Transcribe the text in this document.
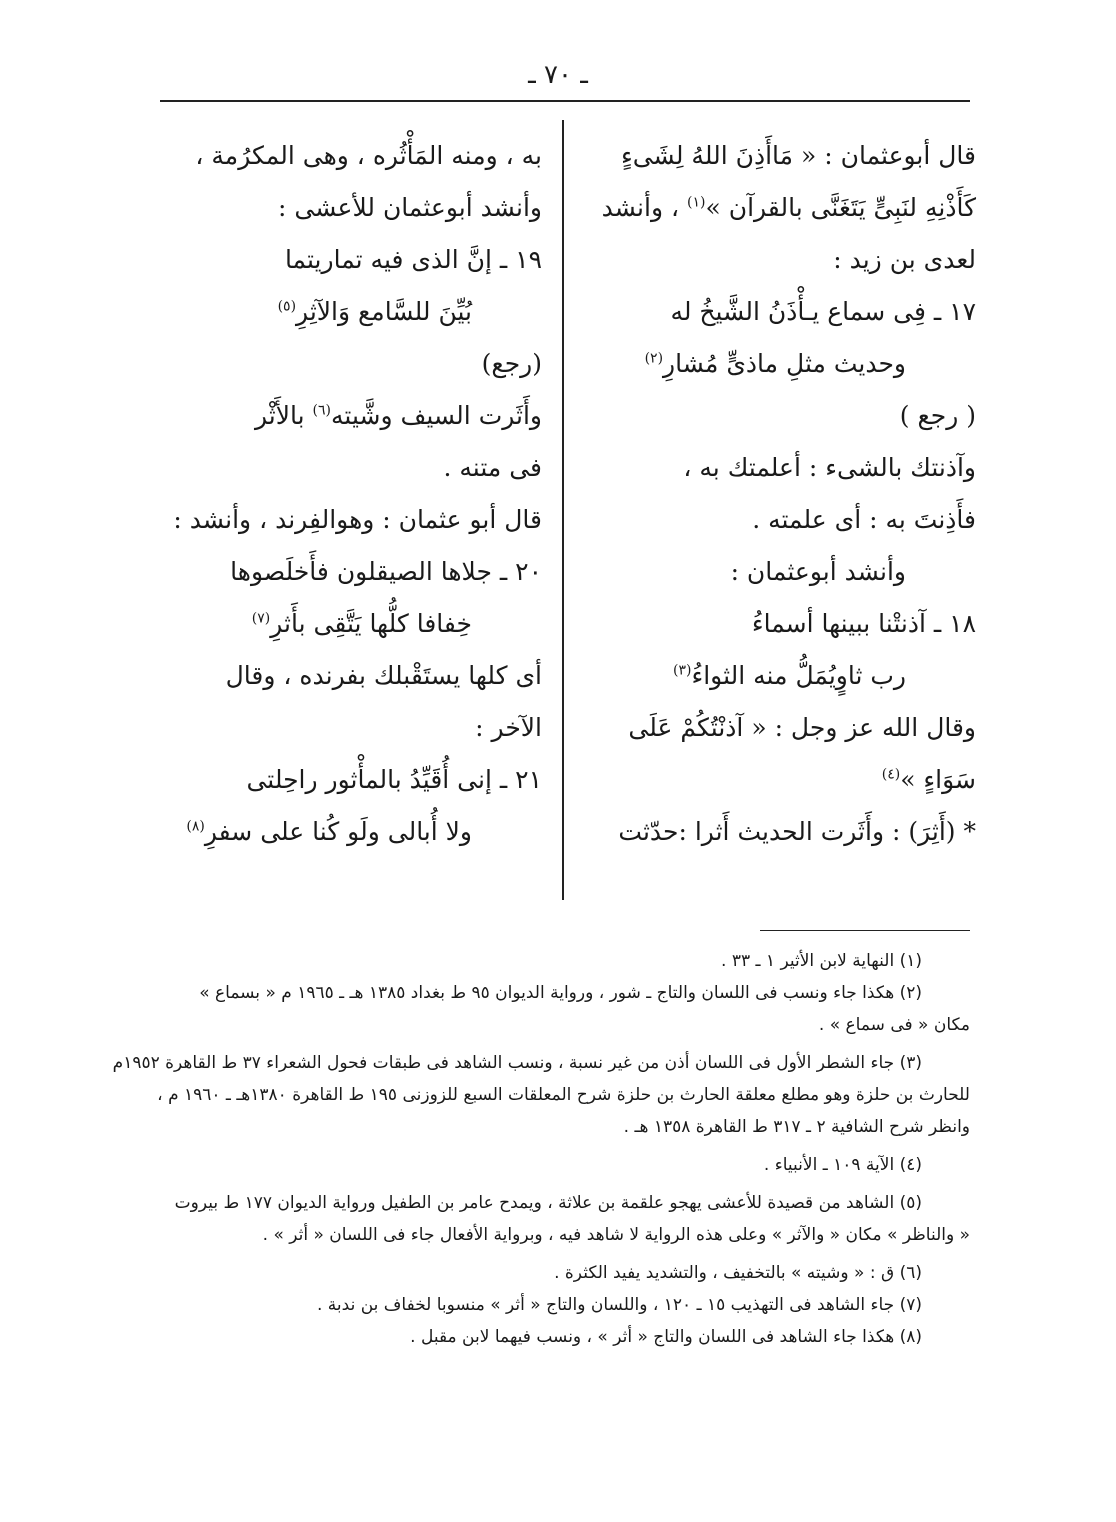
ـ ٧٠ ـ
قال أبوعثمان : « مَاأَذِنَ اللهُ لِشَىءٍ
كَأَذْنِهِ لنَبِىٍّ يَتَغَنَّى بالقرآن »$^{(١)}$ ، وأنشد
لعدى بن زيد :
١٧ ـ فِى سماع يـأْذَنُ الشَّيخُ له
وحديث مثلِ ماذىٍّ مُشارِ$^{(٢)}$
( رجع )
وآذنتك بالشىء : أعلمتك به ،
فأَذِنتَ به : أى علمته .
وأنشد أبوعثمان :
١٨ ـ آذنتْنا ببينها أسماءُ
رب ثاوٍيُمَلُّ منه الثواءُ$^{(٣)}$
وقال الله عز وجل : « آذنْتُكُمْ عَلَى
سَوَاءٍ »$^{(٤)}$
* (أَثِرَ) : وأَثَرت الحديث أَثرا :حدّثت
به ، ومنه المَأْثُره ، وهى المكرُمة ،
وأنشد أبوعثمان للأعشى :
١٩ ـ إنَّ الذى فيه تماريتما
بُيِّنَ للسَّامع وَالآثِرِ$^{(٥)}$
(رجع)
وأَثَرت السيف وشَّيته$^{(٦)}$ بالأَثْر
فى متنه .
قال أبو عثمان : وهوالفِرند ، وأنشد :
٢٠ ـ جلاها الصيقلون فأَخلَصوها
خِفافا كلُّها يَتَّقِى بأَثرِ$^{(٧)}$
أى كلها يستَقْبلك بفرنده ، وقال
الآخر :
٢١ ـ إنى أُقَيِّدُ بالمأْثور راحِلتى
ولا أُبالى ولَو كُنا على سفرِ$^{(٨)}$
(١) النهاية لابن الأثير ١ ـ ٣٣ .
(٢) هكذا جاء ونسب فى اللسان والتاج ـ شور ، ورواية الديوان ٩٥ ط بغداد ١٣٨٥ هـ ـ ١٩٦٥ م « بسماع »
مكان « فى سماع » .
(٣) جاء الشطر الأول فى اللسان أذن من غير نسبة ، ونسب الشاهد فى طبقات فحول الشعراء ٣٧ ط القاهرة ١٩٥٢م
للحارث بن حلزة وهو مطلع معلقة الحارث بن حلزة شرح المعلقات السبع للزوزنى ١٩٥ ط القاهرة ١٣٨٠هـ ـ ١٩٦٠ م ،
وانظر شرح الشافية ٢ ـ ٣١٧ ط القاهرة ١٣٥٨ هـ .
(٤) الآية ١٠٩ ـ الأنبياء .
(٥) الشاهد من قصيدة للأعشى يهجو علقمة بن علاثة ، ويمدح عامر بن الطفيل ورواية الديوان ١٧٧ ط بيروت
« والناظر » مكان « والآثر » وعلى هذه الرواية لا شاهد فيه ، وبرواية الأفعال جاء فى اللسان « أثر » .
(٦) ق : « وشيته » بالتخفيف ، والتشديد يفيد الكثرة .
(٧) جاء الشاهد فى التهذيب ١٥ ـ ١٢٠ ، واللسان والتاج « أثر » منسوبا لخفاف بن ندبة .
(٨) هكذا جاء الشاهد فى اللسان والتاج « أثر » ، ونسب فيهما لابن مقبل .
